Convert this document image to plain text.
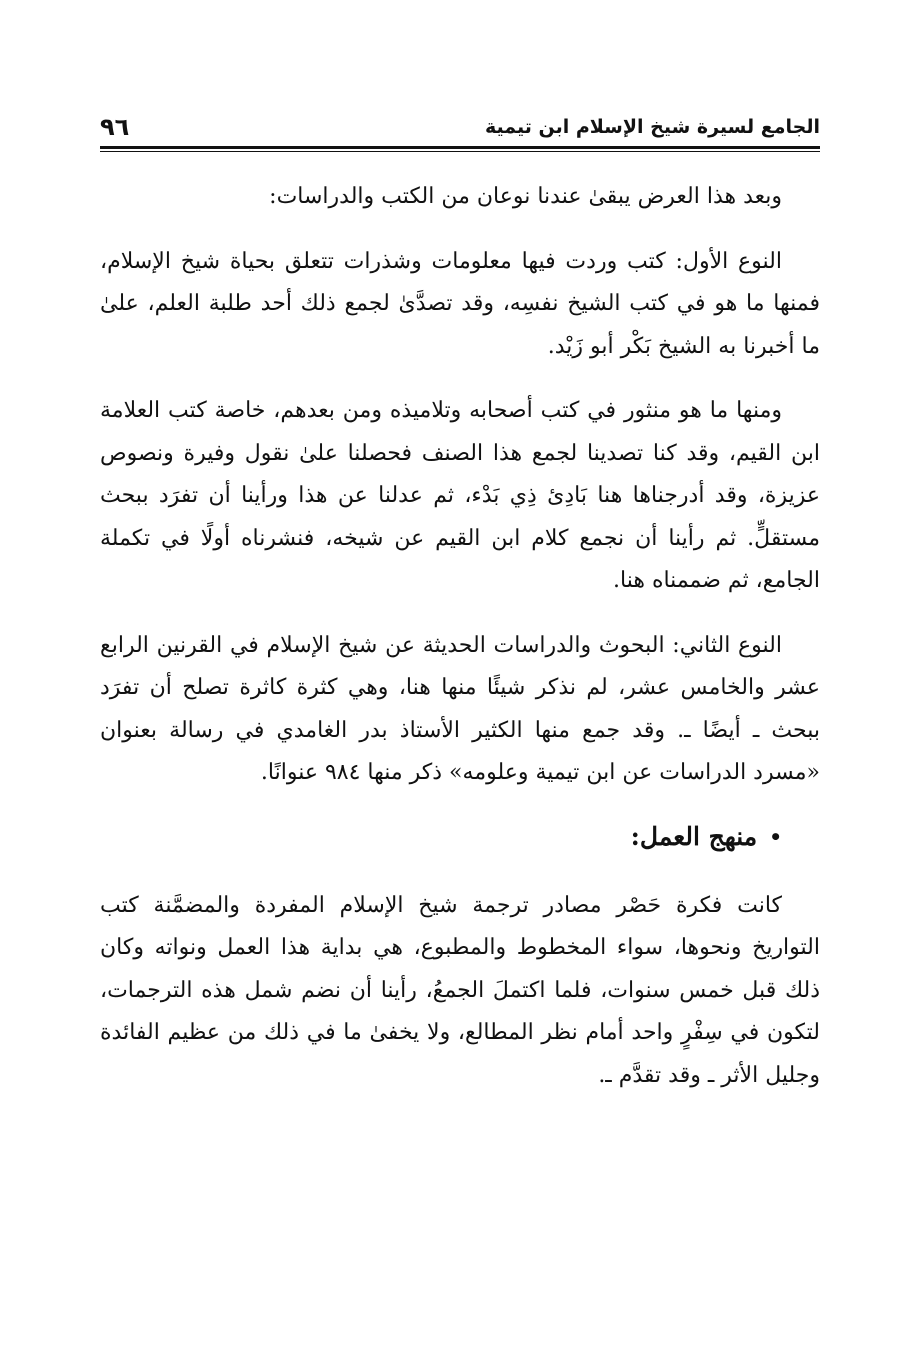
الجامع لسيرة شيخ الإسلام ابن تيمية
٩٦

وبعد هذا العرض يبقىٰ عندنا نوعان من الكتب والدراسات:

النوع الأول: كتب وردت فيها معلومات وشذرات تتعلق بحياة شيخ الإسلام، فمنها ما هو في كتب الشيخ نفسِه، وقد تصدَّىٰ لجمع ذلك أحد طلبة العلم، علىٰ ما أخبرنا به الشيخ بَكْر أبو زَيْد.

ومنها ما هو منثور في كتب أصحابه وتلاميذه ومن بعدهم، خاصة كتب العلامة ابن القيم، وقد كنا تصدينا لجمع هذا الصنف فحصلنا علىٰ نقول وفيرة ونصوص عزيزة، وقد أدرجناها هنا بَادِئ ذِي بَدْء، ثم عدلنا عن هذا ورأينا أن تفرَد ببحث مستقلٍّ. ثم رأينا أن نجمع كلام ابن القيم عن شيخه، فنشرناه أولًا في تكملة الجامع، ثم ضممناه هنا.

النوع الثاني: البحوث والدراسات الحديثة عن شيخ الإسلام في القرنين الرابع عشر والخامس عشر، لم نذكر شيئًا منها هنا، وهي كثرة كاثرة تصلح أن تفرَد ببحث ـ أيضًا ـ. وقد جمع منها الكثير الأستاذ بدر الغامدي في رسالة بعنوان «مسرد الدراسات عن ابن تيمية وعلومه» ذكر منها ٩٨٤ عنوانًا.

•
منهج العمل:

كانت فكرة حَصْر مصادر ترجمة شيخ الإسلام المفردة والمضمَّنة كتب التواريخ ونحوها، سواء المخطوط والمطبوع، هي بداية هذا العمل ونواته وكان ذلك قبل خمس سنوات، فلما اكتملَ الجمعُ، رأينا أن نضم شمل هذه الترجمات، لتكون في سِفْرٍ واحد أمام نظر المطالع، ولا يخفىٰ ما في ذلك من عظيم الفائدة وجليل الأثر ـ وقد تقدَّم ـ.
